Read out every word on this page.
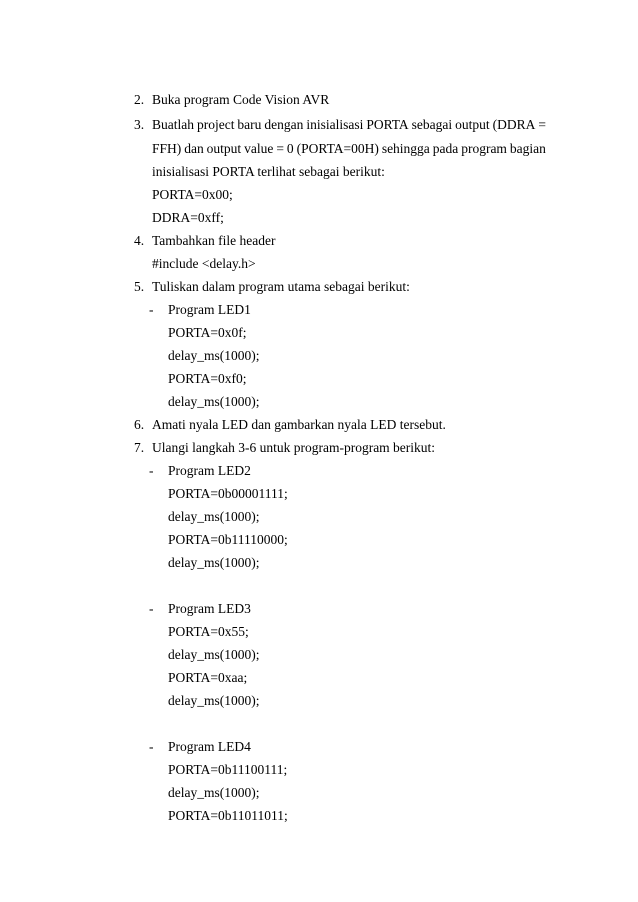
2. Buka program Code Vision AVR
3. Buatlah project baru dengan inisialisasi PORTA sebagai output (DDRA =
FFH) dan output value = 0 (PORTA=00H) sehingga pada program bagian
inisialisasi PORTA terlihat sebagai berikut:
PORTA=0x00;
DDRA=0xff;
4. Tambahkan file header
#include <delay.h>
5. Tuliskan dalam program utama sebagai berikut:
- Program LED1
PORTA=0x0f;
delay_ms(1000);
PORTA=0xf0;
delay_ms(1000);
6. Amati nyala LED dan gambarkan nyala LED tersebut.
7. Ulangi langkah 3-6 untuk program-program berikut:
- Program LED2
PORTA=0b00001111;
delay_ms(1000);
PORTA=0b11110000;
delay_ms(1000);
- Program LED3
PORTA=0x55;
delay_ms(1000);
PORTA=0xaa;
delay_ms(1000);
- Program LED4
PORTA=0b11100111;
delay_ms(1000);
PORTA=0b11011011;
